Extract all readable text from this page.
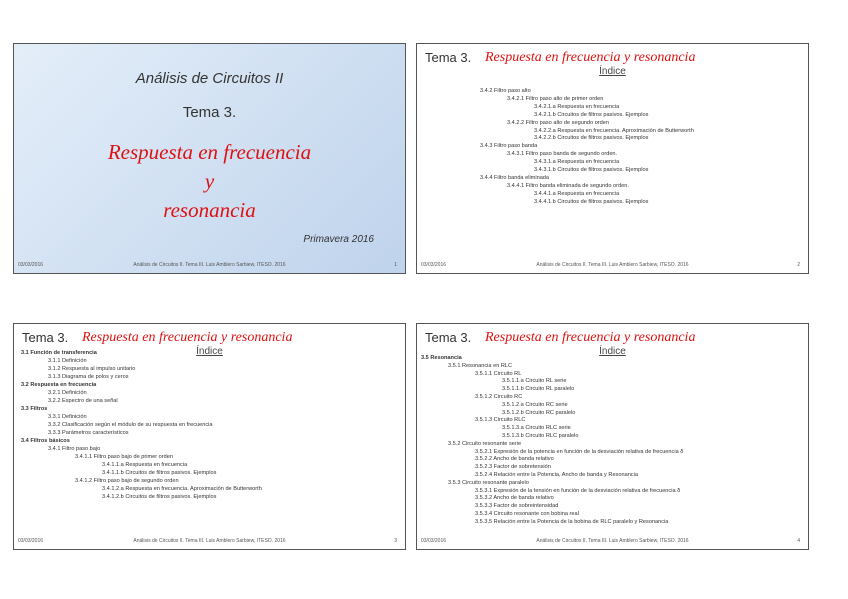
Análisis de Circuitos II
Tema 3.
Respuesta en frecuencia
y
resonancia
Primavera 2016
03/03/2016	Análisis de Circuitos II. Tema III. Luis Amblero Sarbiew, ITESO. 2016	1
Tema 3. Respuesta en frecuencia y resonancia
Índice
3.4.2 Filtro paso alto
3.4.2.1 Filtro paso alto de primer orden
3.4.2.1.a Respuesta en frecuencia
3.4.2.1.b Circuitos de filtros pasivos. Ejemplos
3.4.2.2 Filtro paso alto de segundo orden
3.4.2.2.a Respuesta en frecuencia. Aproximación de Butterworth
3.4.2.2.b Circuitos de filtros pasivos. Ejemplos
3.4.3 Filtro paso banda
3.4.3.1 Filtro paso banda de segundo orden.
3.4.3.1.a Respuesta en frecuencia
3.4.3.1.b Circuitos de filtros pasivos. Ejemplos
3.4.4 Filtro banda eliminada
3.4.4.1 Filtro banda eliminada de segundo orden.
3.4.4.1.a Respuesta en frecuencia
3.4.4.1.b Circuitos de filtros pasivos. Ejemplos
03/03/2016	Análisis de Circuitos II. Tema III. Luis Amblero Sarbiew, ITESO. 2016	2
Tema 3. Respuesta en frecuencia y resonancia
Índice
3.1 Función de transferencia
3.1.1 Definición
3.1.2 Respuesta al impulso unitario
3.1.3 Diagrama de polos y ceros
3.2 Respuesta en frecuencia
3.2.1 Definición
3.2.2 Espectro de una señal
3.3 Filtros
3.3.1 Definición
3.3.2 Clasificación según el módulo de su respuesta en frecuencia
3.3.3 Parámetros característicos
3.4 Filtros básicos
3.4.1 Filtro paso bajo
3.4.1.1 Filtro paso bajo de primer orden
3.4.1.1.a Respuesta en frecuencia
3.4.1.1.b Circuitos de filtros pasivos. Ejemplos
3.4.1.2 Filtro paso bajo de segundo orden
3.4.1.2.a Respuesta en frecuencia. Aproximación de Butterworth
3.4.1.2.b Circuitos de filtros pasivos. Ejemplos
03/03/2016	Análisis de Circuitos II. Tema III. Luis Amblero Sarbiew, ITESO. 2016	3
Tema 3. Respuesta en frecuencia y resonancia
Índice
3.5 Resonancia
3.5.1 Resonancia en RLC
3.5.1.1 Circuito RL
3.5.1.1.a Circuito RL serie
3.5.1.1.b Circuito RL paralelo
3.5.1.2 Circuito RC
3.5.1.2.a Circuito RC serie
3.5.1.2.b Circuito RC paralelo
3.5.1.3 Circuito RLC
3.5.1.3.a Circuito RLC serie
3.5.1.3.b Circuito RLC paralelo
3.5.2 Circuito resonante serie
3.5.2.1 Expresión de la potencia en función de la desviación relativa de frecuencia δ
3.5.2.2 Ancho de banda relativo
3.5.2.3 Factor de sobretensión
3.5.2.4 Relación entre la Potencia, Ancho de banda y Resonancia
3.5.3 Circuito resonante paralelo
3.5.3.1 Expresión de la tensión en función de la desviación relativa de frecuencia δ
3.5.3.2 Ancho de banda relativo
3.5.3.3 Factor de sobreintensidad
3.5.3.4 Circuito resonante con bobina real
3.5.3.5 Relación entre la Potencia de la bobina de RLC paralelo y Resonancia
03/03/2016	Análisis de Circuitos II. Tema III. Luis Amblero Sarbiew, ITESO. 2016	4
